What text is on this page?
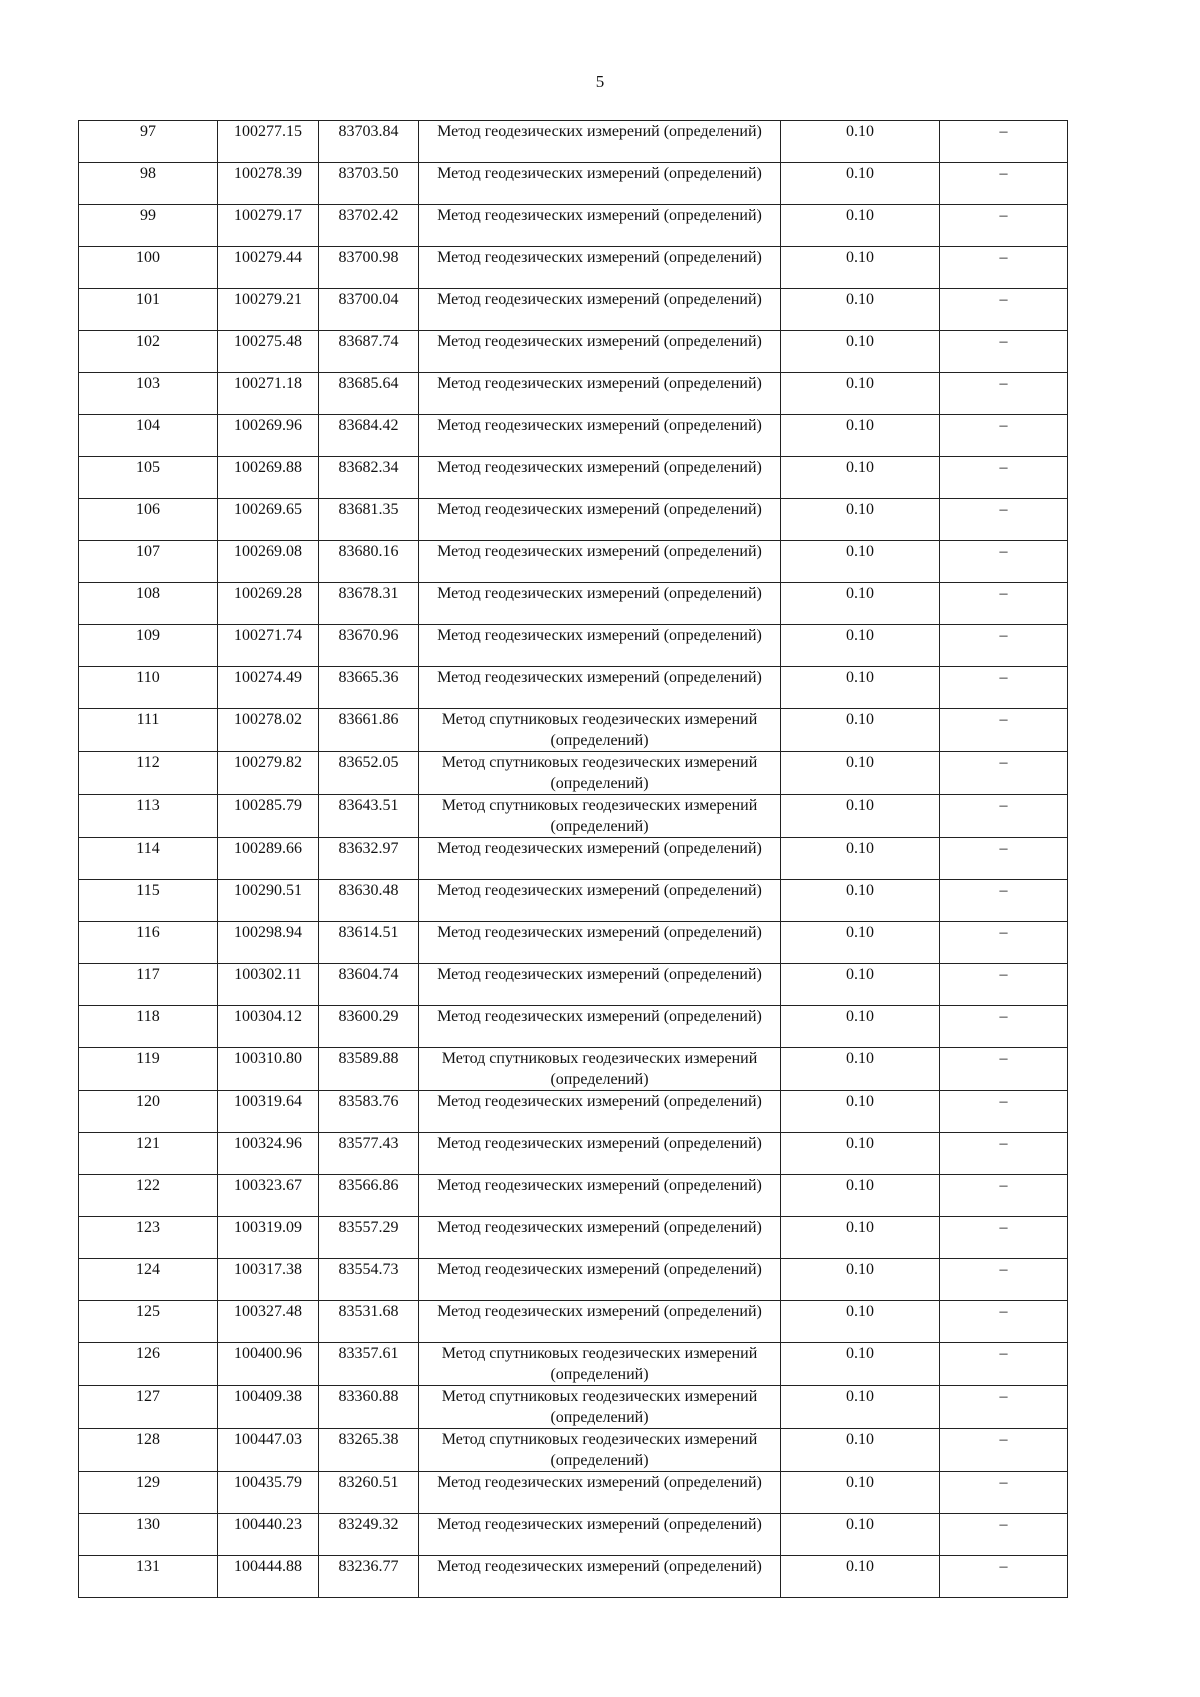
5
97	100277.15	83703.84	Метод геодезических измерений (определений)	0.10	–
98	100278.39	83703.50	Метод геодезических измерений (определений)	0.10	–
99	100279.17	83702.42	Метод геодезических измерений (определений)	0.10	–
100	100279.44	83700.98	Метод геодезических измерений (определений)	0.10	–
101	100279.21	83700.04	Метод геодезических измерений (определений)	0.10	–
102	100275.48	83687.74	Метод геодезических измерений (определений)	0.10	–
103	100271.18	83685.64	Метод геодезических измерений (определений)	0.10	–
104	100269.96	83684.42	Метод геодезических измерений (определений)	0.10	–
105	100269.88	83682.34	Метод геодезических измерений (определений)	0.10	–
106	100269.65	83681.35	Метод геодезических измерений (определений)	0.10	–
107	100269.08	83680.16	Метод геодезических измерений (определений)	0.10	–
108	100269.28	83678.31	Метод геодезических измерений (определений)	0.10	–
109	100271.74	83670.96	Метод геодезических измерений (определений)	0.10	–
110	100274.49	83665.36	Метод геодезических измерений (определений)	0.10	–
111	100278.02	83661.86	Метод спутниковых геодезических измерений (определений)	0.10	–
112	100279.82	83652.05	Метод спутниковых геодезических измерений (определений)	0.10	–
113	100285.79	83643.51	Метод спутниковых геодезических измерений (определений)	0.10	–
114	100289.66	83632.97	Метод геодезических измерений (определений)	0.10	–
115	100290.51	83630.48	Метод геодезических измерений (определений)	0.10	–
116	100298.94	83614.51	Метод геодезических измерений (определений)	0.10	–
117	100302.11	83604.74	Метод геодезических измерений (определений)	0.10	–
118	100304.12	83600.29	Метод геодезических измерений (определений)	0.10	–
119	100310.80	83589.88	Метод спутниковых геодезических измерений (определений)	0.10	–
120	100319.64	83583.76	Метод геодезических измерений (определений)	0.10	–
121	100324.96	83577.43	Метод геодезических измерений (определений)	0.10	–
122	100323.67	83566.86	Метод геодезических измерений (определений)	0.10	–
123	100319.09	83557.29	Метод геодезических измерений (определений)	0.10	–
124	100317.38	83554.73	Метод геодезических измерений (определений)	0.10	–
125	100327.48	83531.68	Метод геодезических измерений (определений)	0.10	–
126	100400.96	83357.61	Метод спутниковых геодезических измерений (определений)	0.10	–
127	100409.38	83360.88	Метод спутниковых геодезических измерений (определений)	0.10	–
128	100447.03	83265.38	Метод спутниковых геодезических измерений (определений)	0.10	–
129	100435.79	83260.51	Метод геодезических измерений (определений)	0.10	–
130	100440.23	83249.32	Метод геодезических измерений (определений)	0.10	–
131	100444.88	83236.77	Метод геодезических измерений (определений)	0.10	–
